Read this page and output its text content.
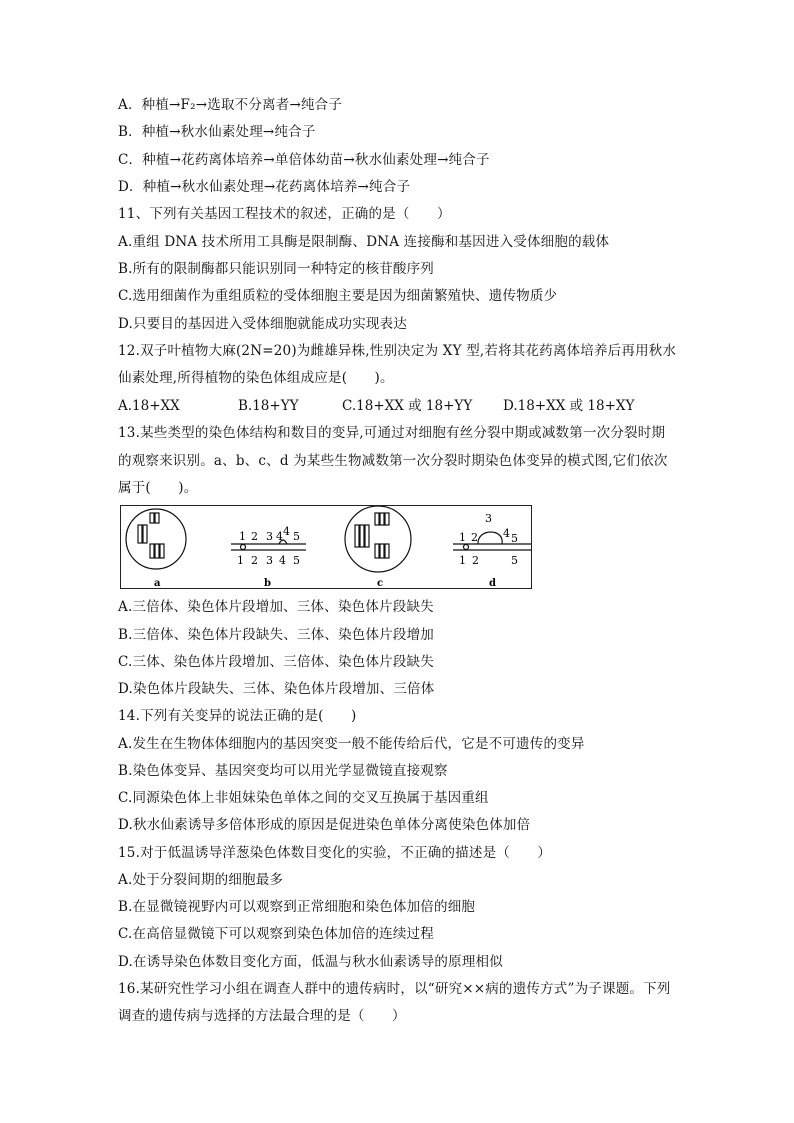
A．种植→F₂→选取不分离者→纯合子
B．种植→秋水仙素处理→纯合子
C．种植→花药离体培养→单倍体幼苗→秋水仙素处理→纯合子
D．种植→秋水仙素处理→花药离体培养→纯合子
11、下列有关基因工程技术的叙述，正确的是（　　）
A.重组 DNA 技术所用工具酶是限制酶、DNA 连接酶和基因进入受体细胞的载体
B.所有的限制酶都只能识别同一种特定的核苷酸序列
C.选用细菌作为重组质粒的受体细胞主要是因为细菌繁殖快、遗传物质少
D.只要目的基因进入受体细胞就能成功实现表达
12.双子叶植物大麻(2N=20)为雌雄异株,性别决定为 XY 型,若将其花药离体培养后再用秋水
仙素处理,所得植物的染色体组成应是(　　)。
A.18+XX	B.18+YY	C.18+XX 或 18+YY D.18+XX 或 18+XY
13.某些类型的染色体结构和数目的变异,可通过对细胞有丝分裂中期或减数第一次分裂时期
的观察来识别。a、b、c、d 为某些生物减数第一次分裂时期染色体变异的模式图,它们依次
属于(　　)。
a
1 2 3 4 4 5
1 2 3 4 5
b	c
1 2
3
4 5
1 2	5
d
A.三倍体、染色体片段增加、三体、染色体片段缺失
B.三倍体、染色体片段缺失、三体、染色体片段增加
C.三体、染色体片段增加、三倍体、染色体片段缺失
D.染色体片段缺失、三体、染色体片段增加、三倍体
14.下列有关变异的说法正确的是(　　)
A.发生在生物体体细胞内的基因突变一般不能传给后代，它是不可遗传的变异
B.染色体变异、基因突变均可以用光学显微镜直接观察
C.同源染色体上非姐妹染色单体之间的交叉互换属于基因重组
D.秋水仙素诱导多倍体形成的原因是促进染色单体分离使染色体加倍
15.对于低温诱导洋葱染色体数目变化的实验，不正确的描述是（　　）
A.处于分裂间期的细胞最多
B.在显微镜视野内可以观察到正常细胞和染色体加倍的细胞
C.在高倍显微镜下可以观察到染色体加倍的连续过程
D.在诱导染色体数目变化方面，低温与秋水仙素诱导的原理相似
16.某研究性学习小组在调查人群中的遗传病时，以“研究××病的遗传方式”为子课题。下列
调查的遗传病与选择的方法最合理的是（　　）
